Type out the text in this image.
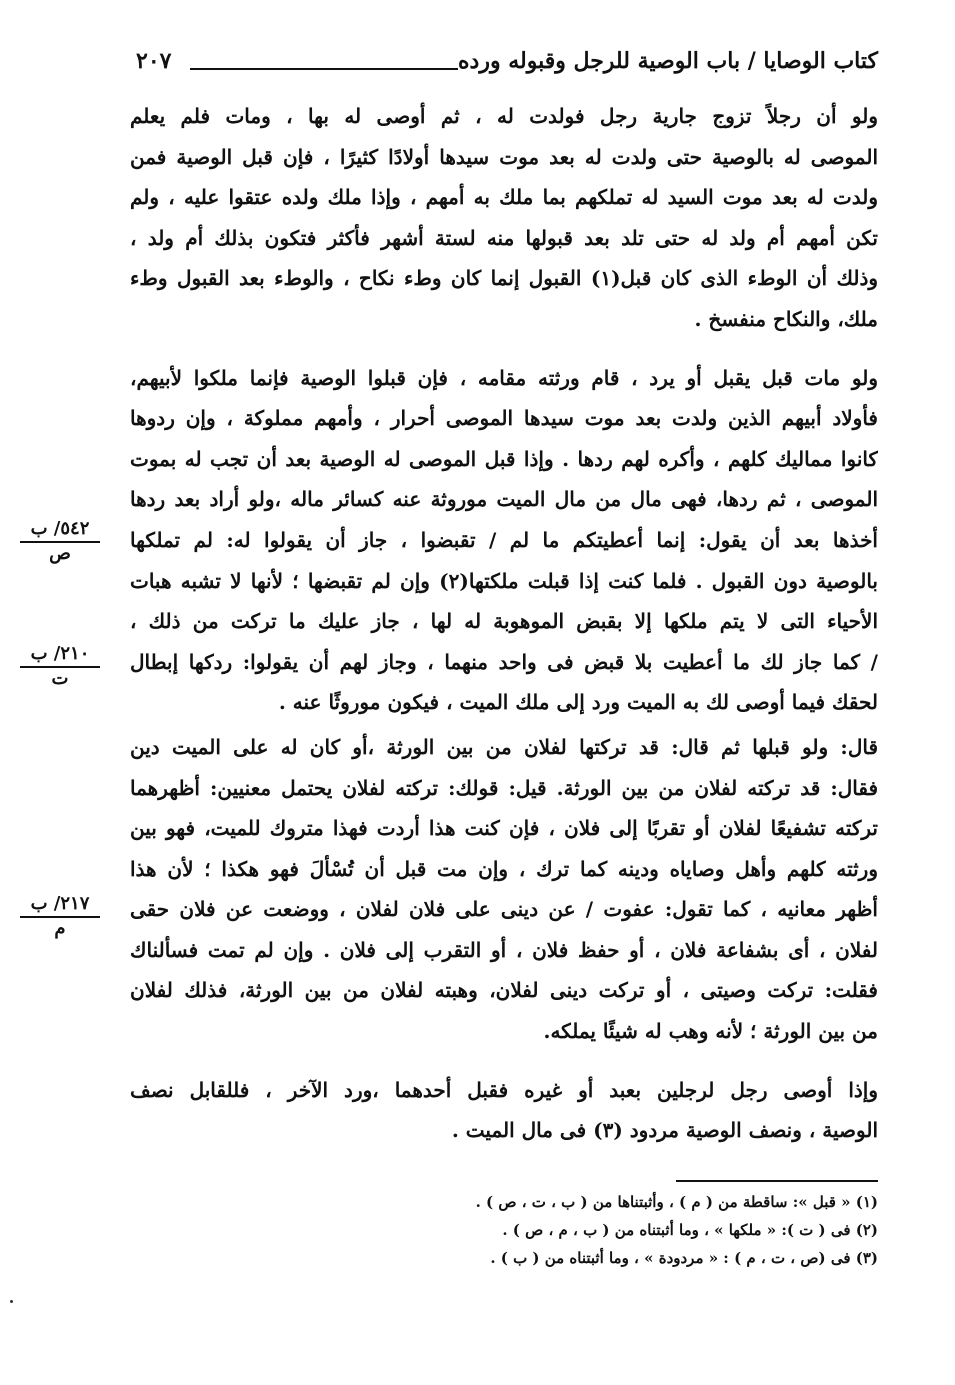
كتاب الوصايا / باب الوصية للرجل وقبوله ورده
٢٠٧
ولو أن رجلاً تزوج جارية رجل فولدت له ، ثم أوصى له بها ، ومات فلم يعلم
الموصى له بالوصية حتى ولدت له بعد موت سيدها أولادًا كثيرًا ، فإن قبل الوصية فمن
ولدت له بعد موت السيد له تملكهم بما ملك به أمهم ، وإذا ملك ولده عتقوا عليه ، ولم
تكن أمهم أم ولد له حتى تلد بعد قبولها منه لستة أشهر فأكثر فتكون بذلك أم ولد ،
وذلك أن الوطء الذى كان قبل(١) القبول إنما كان وطء نكاح ، والوطء بعد القبول وطء
ملك، والنكاح منفسخ .
ولو مات قبل يقبل أو يرد ، قام ورثته مقامه ، فإن قبلوا الوصية فإنما ملكوا لأبيهم،
فأولاد أبيهم الذين ولدت بعد موت سيدها الموصى أحرار ، وأمهم مملوكة ، وإن ردوها
كانوا مماليك كلهم ، وأكره لهم ردها . وإذا قبل الموصى له الوصية بعد أن تجب له بموت
الموصى ، ثم ردها، فهى مال من مال الميت موروثة عنه كسائر ماله ،ولو أراد بعد ردها
أخذها بعد أن يقول: إنما أعطيتكم ما لم / تقبضوا ، جاز أن يقولوا له: لم تملكها
بالوصية دون القبول . فلما كنت إذا قبلت ملكتها(٢) وإن لم تقبضها ؛ لأنها لا تشبه هبات
الأحياء التى لا يتم ملكها إلا بقبض الموهوبة له لها ، جاز عليك ما تركت من ذلك ،
/ كما جاز لك ما أعطيت بلا قبض فى واحد منهما ، وجاز لهم أن يقولوا: ردكها إبطال
لحقك فيما أوصى لك به الميت ورد إلى ملك الميت ، فيكون موروثًا عنه .
قال: ولو قبلها ثم قال: قد تركتها لفلان من بين الورثة ،أو كان له على الميت دين
فقال: قد تركته لفلان من بين الورثة. قيل: قولك: تركته لفلان يحتمل معنيين: أظهرهما
تركته تشفيعًا لفلان أو تقربًا إلى فلان ، فإن كنت هذا أردت فهذا متروك للميت، فهو بين
ورثته كلهم وأهل وصاياه ودينه كما ترك ، وإن مت قبل أن تُسْألَ فهو هكذا ؛ لأن هذا
أظهر معانيه ، كما تقول: عفوت / عن دينى على فلان لفلان ، ووضعت عن فلان حقى
لفلان ، أى بشفاعة فلان ، أو حفظ فلان ، أو التقرب إلى فلان . وإن لم تمت فسألناك
فقلت: تركت وصيتى ، أو تركت دينى لفلان، وهبته لفلان من بين الورثة، فذلك لفلان
من بين الورثة ؛ لأنه وهب له شيئًا يملكه.
وإذا أوصى رجل لرجلين بعبد أو غيره فقبل أحدهما ،ورد الآخر ، فللقابل نصف
الوصية ، ونصف الوصية مردود (٣) فى مال الميت .
٥٤٢/ ب
ص
٢١٠/ ب
ت
٢١٧/ ب
م
(١) « قبل »: ساقطة من ( م ) ، وأثبتناها من ( ب ، ت ، ص ) .
(٢) فى ( ت ): « ملكها » ، وما أثبتناه من ( ب ، م ، ص ) .
(٣) فى (ص ، ت ، م ) : « مردودة » ، وما أثبتناه من ( ب ) .
